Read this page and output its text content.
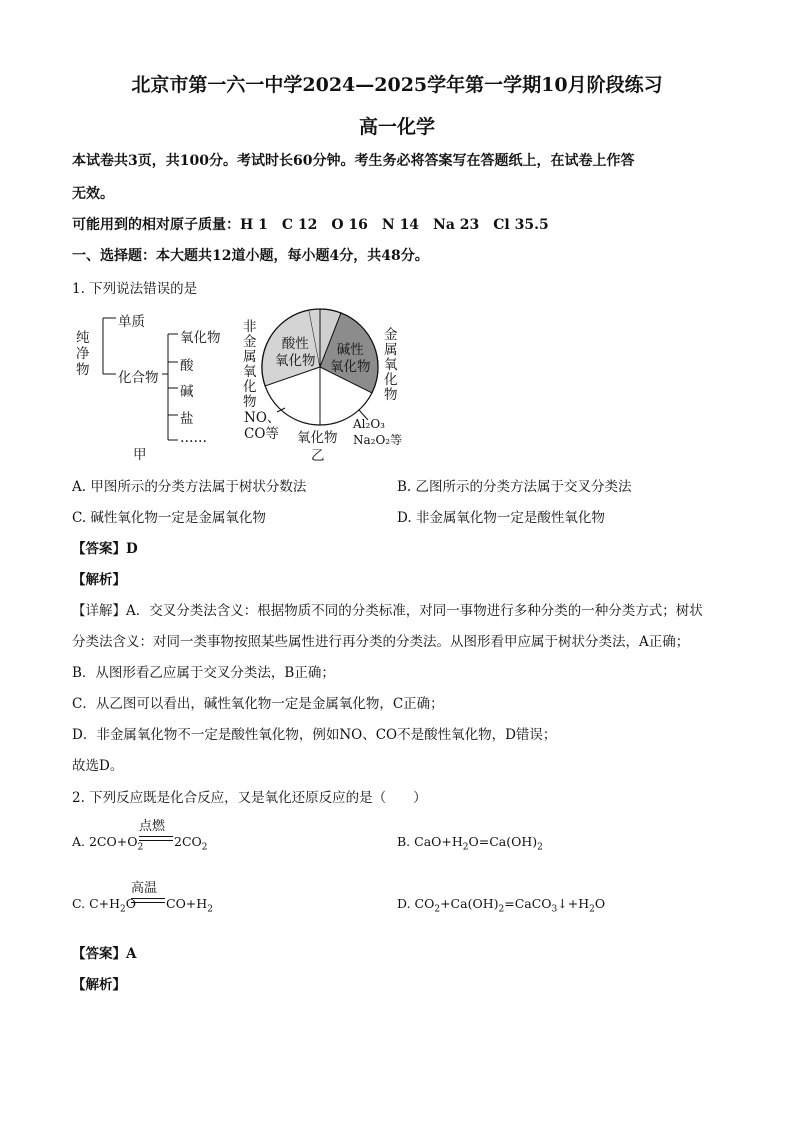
北京市第一六一中学2024—2025学年第一学期10月阶段练习
高一化学
本试卷共3页，共100分。考试时长60分钟。考生务必将答案写在答题纸上，在试卷上作答
无效。
可能用到的相对原子质量：H 1　C 12　O 16　N 14　Na 23　Cl 35.5
一、选择题：本大题共12道小题，每小题4分，共48分。
1. 下列说法错误的是
纯
净
物
单质
化合物
氧化物
酸
碱
盐
……
甲
非
金
属
氧
化
物
金
属
氧
化
物
酸性
氧化物
碱性
氧化物
NO、
CO等
Al₂O₃
Na₂O₂等
氧化物
乙
A. 甲图所示的分类方法属于树状分数法	B. 乙图所示的分类方法属于交叉分类法
C. 碱性氧化物一定是金属氧化物	D. 非金属氧化物一定是酸性氧化物
【答案】D
【解析】
【详解】A．交叉分类法含义：根据物质不同的分类标准，对同一事物进行多种分类的一种分类方式；树状
分类法含义：对同一类事物按照某些属性进行再分类的分类法。从图形看甲应属于树状分类法，A正确；
B．从图形看乙应属于交叉分类法，B正确；
C．从乙图可以看出，碱性氧化物一定是金属氧化物，C正确；
D．非金属氧化物不一定是酸性氧化物，例如NO、CO不是酸性氧化物，D错误；
故选D。
2. 下列反应既是化合反应，又是氧化还原反应的是（　　）
A. $2CO+O_2$
点燃
$2CO_2$	B. $CaO+H_2O=Ca(OH)_2$
C. $C+H_2O$
高温
$CO+H_2$	D. $CO_2+Ca(OH)_2=CaCO_3↓+H_2O$
【答案】A
【解析】
